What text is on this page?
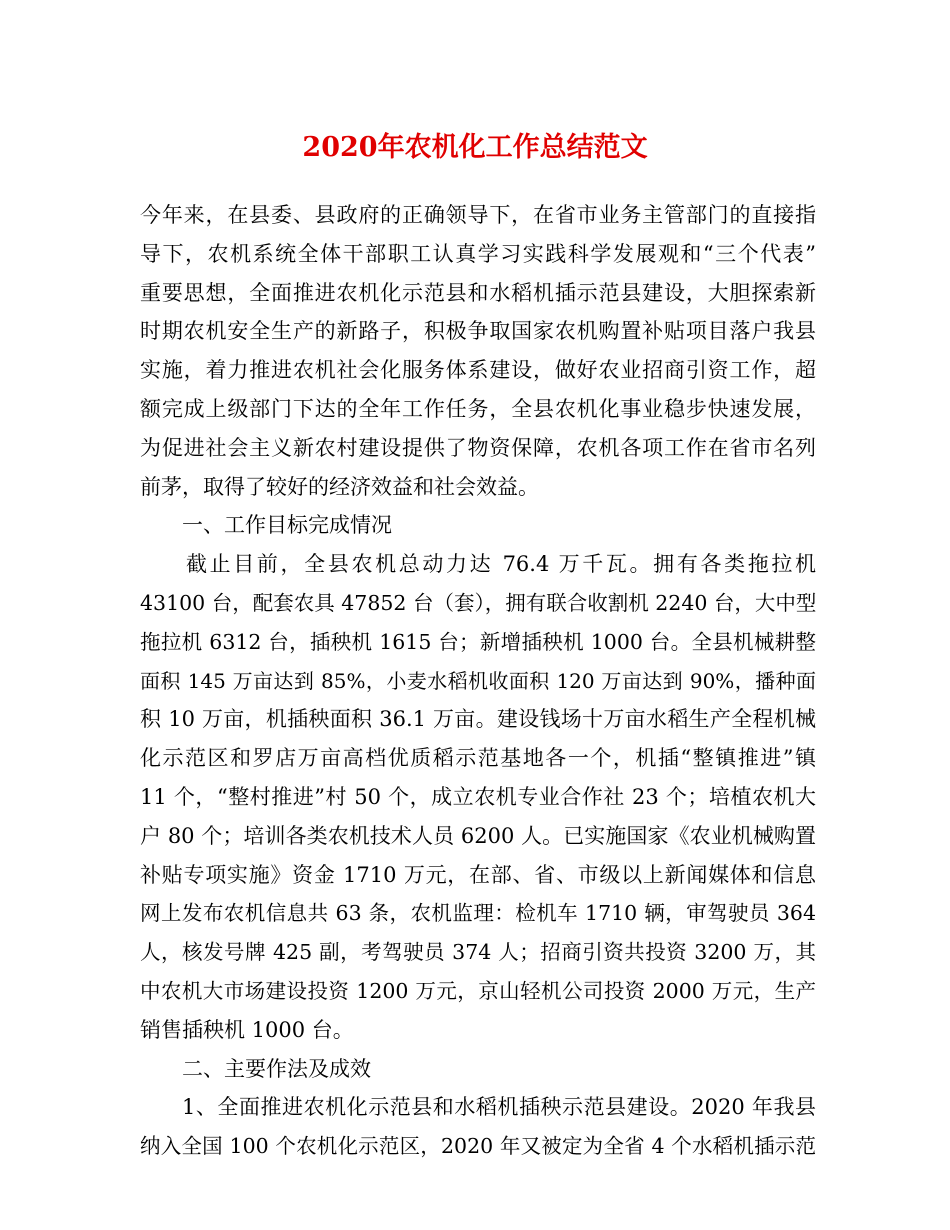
2020年农机化工作总结范文
今年来，在县委、县政府的正确领导下，在省市业务主管部门的直接指
导下，农机系统全体干部职工认真学习实践科学发展观和“三个代表”
重要思想，全面推进农机化示范县和水稻机插示范县建设，大胆探索新
时期农机安全生产的新路子，积极争取国家农机购置补贴项目落户我县
实施，着力推进农机社会化服务体系建设，做好农业招商引资工作，超
额完成上级部门下达的全年工作任务，全县农机化事业稳步快速发展，
为促进社会主义新农村建设提供了物资保障，农机各项工作在省市名列
前茅，取得了较好的经济效益和社会效益。
一、工作目标完成情况
截止目前，全县农机总动力达 76.4 万千瓦。拥有各类拖拉机
43100 台，配套农具 47852 台（套），拥有联合收割机 2240 台，大中型
拖拉机 6312 台，插秧机 1615 台；新增插秧机 1000 台。全县机械耕整
面积 145 万亩达到 85%，小麦水稻机收面积 120 万亩达到 90%，播种面
积 10 万亩，机插秧面积 36.1 万亩。建设钱场十万亩水稻生产全程机械
化示范区和罗店万亩高档优质稻示范基地各一个，机插“整镇推进”镇
11 个，“整村推进”村 50 个，成立农机专业合作社 23 个；培植农机大
户 80 个；培训各类农机技术人员 6200 人。已实施国家《农业机械购置
补贴专项实施》资金 1710 万元，在部、省、市级以上新闻媒体和信息
网上发布农机信息共 63 条，农机监理：检机车 1710 辆，审驾驶员 364
人，核发号牌 425 副，考驾驶员 374 人；招商引资共投资 3200 万，其
中农机大市场建设投资 1200 万元，京山轻机公司投资 2000 万元，生产
销售插秧机 1000 台。
二、主要作法及成效
1、全面推进农机化示范县和水稻机插秧示范县建设。2020 年我县
纳入全国 100 个农机化示范区，2020 年又被定为全省 4 个水稻机插示范
